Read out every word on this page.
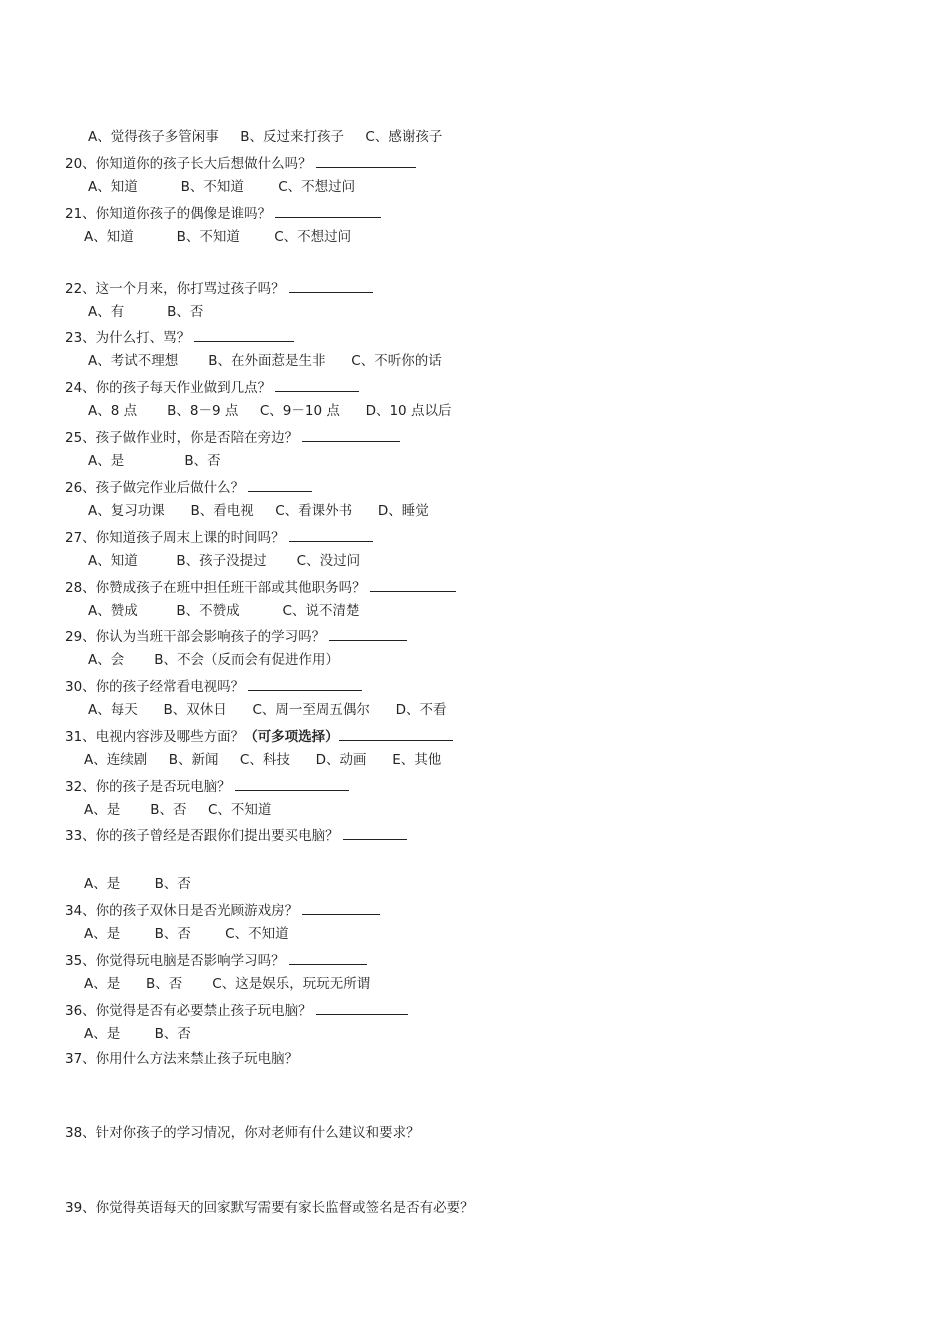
A、觉得孩子多管闲事     B、反过来打孩子     C、感谢孩子
20、你知道你的孩子长大后想做什么吗？
A、知道          B、不知道        C、不想过问
21、你知道你孩子的偶像是谁吗？
A、知道          B、不知道        C、不想过问
22、这一个月来，你打骂过孩子吗？
A、有          B、否
23、为什么打、骂？
A、考试不理想       B、在外面惹是生非      C、不听你的话
24、你的孩子每天作业做到几点？
A、8 点       B、8－9 点     C、9－10 点      D、10 点以后
25、孩子做作业时，你是否陪在旁边？
A、是              B、否
26、孩子做完作业后做什么？
A、复习功课      B、看电视     C、看课外书      D、睡觉
27、你知道孩子周末上课的时间吗？
A、知道         B、孩子没提过       C、没过问
28、你赞成孩子在班中担任班干部或其他职务吗？
A、赞成         B、不赞成          C、说不清楚
29、你认为当班干部会影响孩子的学习吗？
A、会       B、不会（反而会有促进作用）
30、你的孩子经常看电视吗？
A、每天      B、双休日      C、周一至周五偶尔      D、不看
31、电视内容涉及哪些方面？（可多项选择）
A、连续剧     B、新闻     C、科技      D、动画      E、其他
32、你的孩子是否玩电脑？
A、是       B、否     C、不知道
33、你的孩子曾经是否跟你们提出要买电脑？
A、是        B、否
34、你的孩子双休日是否光顾游戏房？
A、是        B、否        C、不知道
35、你觉得玩电脑是否影响学习吗？
A、是      B、否       C、这是娱乐，玩玩无所谓
36、你觉得是否有必要禁止孩子玩电脑？
A、是        B、否
37、你用什么方法来禁止孩子玩电脑？
38、针对你孩子的学习情况，你对老师有什么建议和要求？
39、你觉得英语每天的回家默写需要有家长监督或签名是否有必要？
